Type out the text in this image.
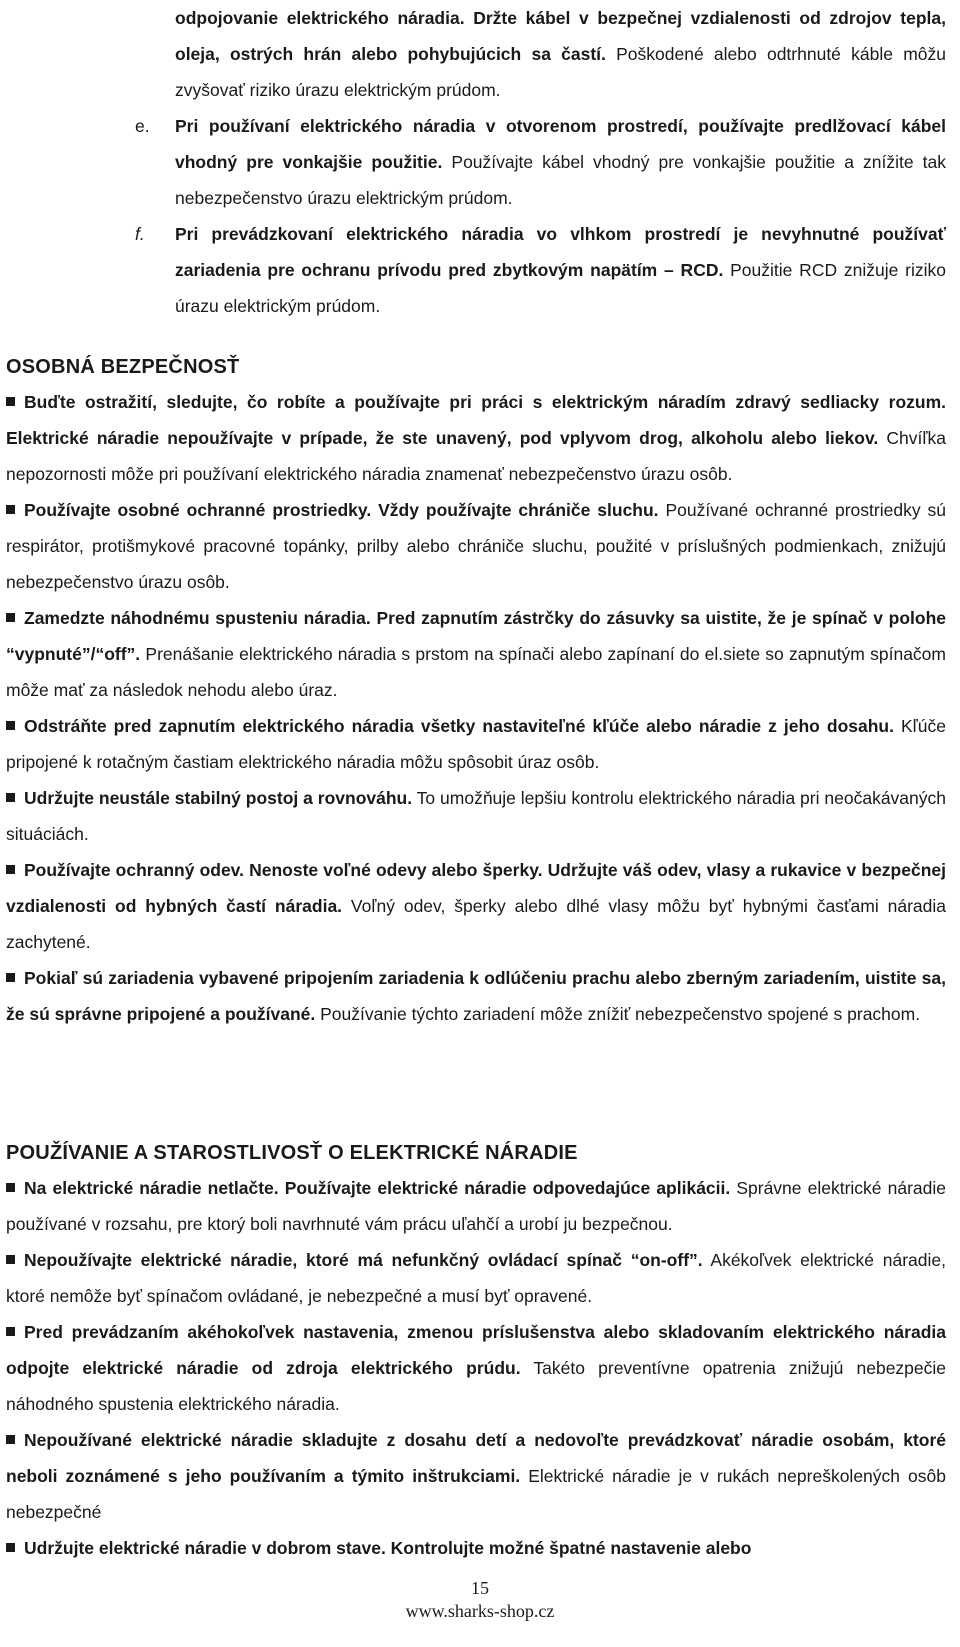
odpojovanie elektrického náradia. Držte kábel v bezpečnej vzdialenosti od zdrojov tepla, oleja, ostrých hrán alebo pohybujúcich sa častí. Poškodené alebo odtrhnuté káble môžu zvyšovať riziko úrazu elektrickým prúdom.
e. Pri používaní elektrického náradia v otvorenom prostredí, používajte predlžovací kábel vhodný pre vonkajšie použitie. Používajte kábel vhodný pre vonkajšie použitie a znížite tak nebezpečenstvo úrazu elektrickým prúdom.
f. Pri prevádzkovaní elektrického náradia vo vlhkom prostredí je nevyhnutné používať zariadenia pre ochranu prívodu pred zbytkovým napätím – RCD. Použitie RCD znižuje riziko úrazu elektrickým prúdom.
OSOBNÁ BEZPEČNOSŤ
Buďte ostražití, sledujte, čo robíte a používajte pri práci s elektrickým náradím zdravý sedliacky rozum. Elektrické náradie nepoužívajte v prípade, že ste unavený, pod vplyvom drog, alkoholu alebo liekov. Chvíľka nepozornosti môže pri používaní elektrického náradia znamenať nebezpečenstvo úrazu osôb.
Používajte osobné ochranné prostriedky. Vždy používajte chrániče sluchu. Používané ochranné prostriedky sú respirátor, protišmykové pracovné topánky, prilby alebo chrániče sluchu, použité v príslušných podmienkach, znižujú nebezpečenstvo úrazu osôb.
Zamedzte náhodnému spusteniu náradia. Pred zapnutím zástrčky do zásuvky sa uistite, že je spínač v polohe “vypnuté”/“off”. Prenášanie elektrického náradia s prstom na spínači alebo zapínaní do el.siete so zapnutým spínačom môže mať za následok nehodu alebo úraz.
Odstráňte pred zapnutím elektrického náradia všetky nastaviteľné kľúče alebo náradie z jeho dosahu. Kľúče pripojené k rotačným častiam elektrického náradia môžu spôsobit úraz osôb.
Udržujte neustále stabilný postoj a rovnováhu. To umožňuje lepšiu kontrolu elektrického náradia pri neočakávaných situáciách.
Používajte ochranný odev. Nenoste voľné odevy alebo šperky. Udržujte váš odev, vlasy a rukavice v bezpečnej vzdialenosti od hybných častí náradia. Voľný odev, šperky alebo dlhé vlasy môžu byť hybnými časťami náradia zachytené.
Pokiaľ sú zariadenia vybavené pripojením zariadenia k odlúčeniu prachu alebo zberným zariadením, uistite sa, že sú správne pripojené a používané. Používanie týchto zariadení môže znížiť nebezpečenstvo spojené s prachom.
POUŽÍVANIE A STAROSTLIVOSŤ O ELEKTRICKÉ NÁRADIE
Na elektrické náradie netlačte. Používajte elektrické náradie odpovedajúce aplikácii. Správne elektrické náradie používané v rozsahu, pre ktorý boli navrhnuté vám prácu uľahčí a urobí ju bezpečnou.
Nepoužívajte elektrické náradie, ktoré má nefunkčný ovládací spínač “on-off”. Akékoľvek elektrické náradie, ktoré nemôže byť spínačom ovládané, je nebezpečné a musí byť opravené.
Pred prevádzaním akéhokoľvek nastavenia, zmenou príslušenstva alebo skladovaním elektrického náradia odpojte elektrické náradie od zdroja elektrického prúdu. Takéto preventívne opatrenia znižujú nebezpečie náhodného spustenia elektrického náradia.
Nepoužívané elektrické náradie skladujte z dosahu detí a nedovoľte prevádzkovať náradie osobám, ktoré neboli zoznámené s jeho používaním a týmito inštrukciami. Elektrické náradie je v rukách nepreškolených osôb nebezpečné
Udržujte elektrické náradie v dobrom stave. Kontrolujte možné špatné nastavenie alebo
15
www.sharks-shop.cz
